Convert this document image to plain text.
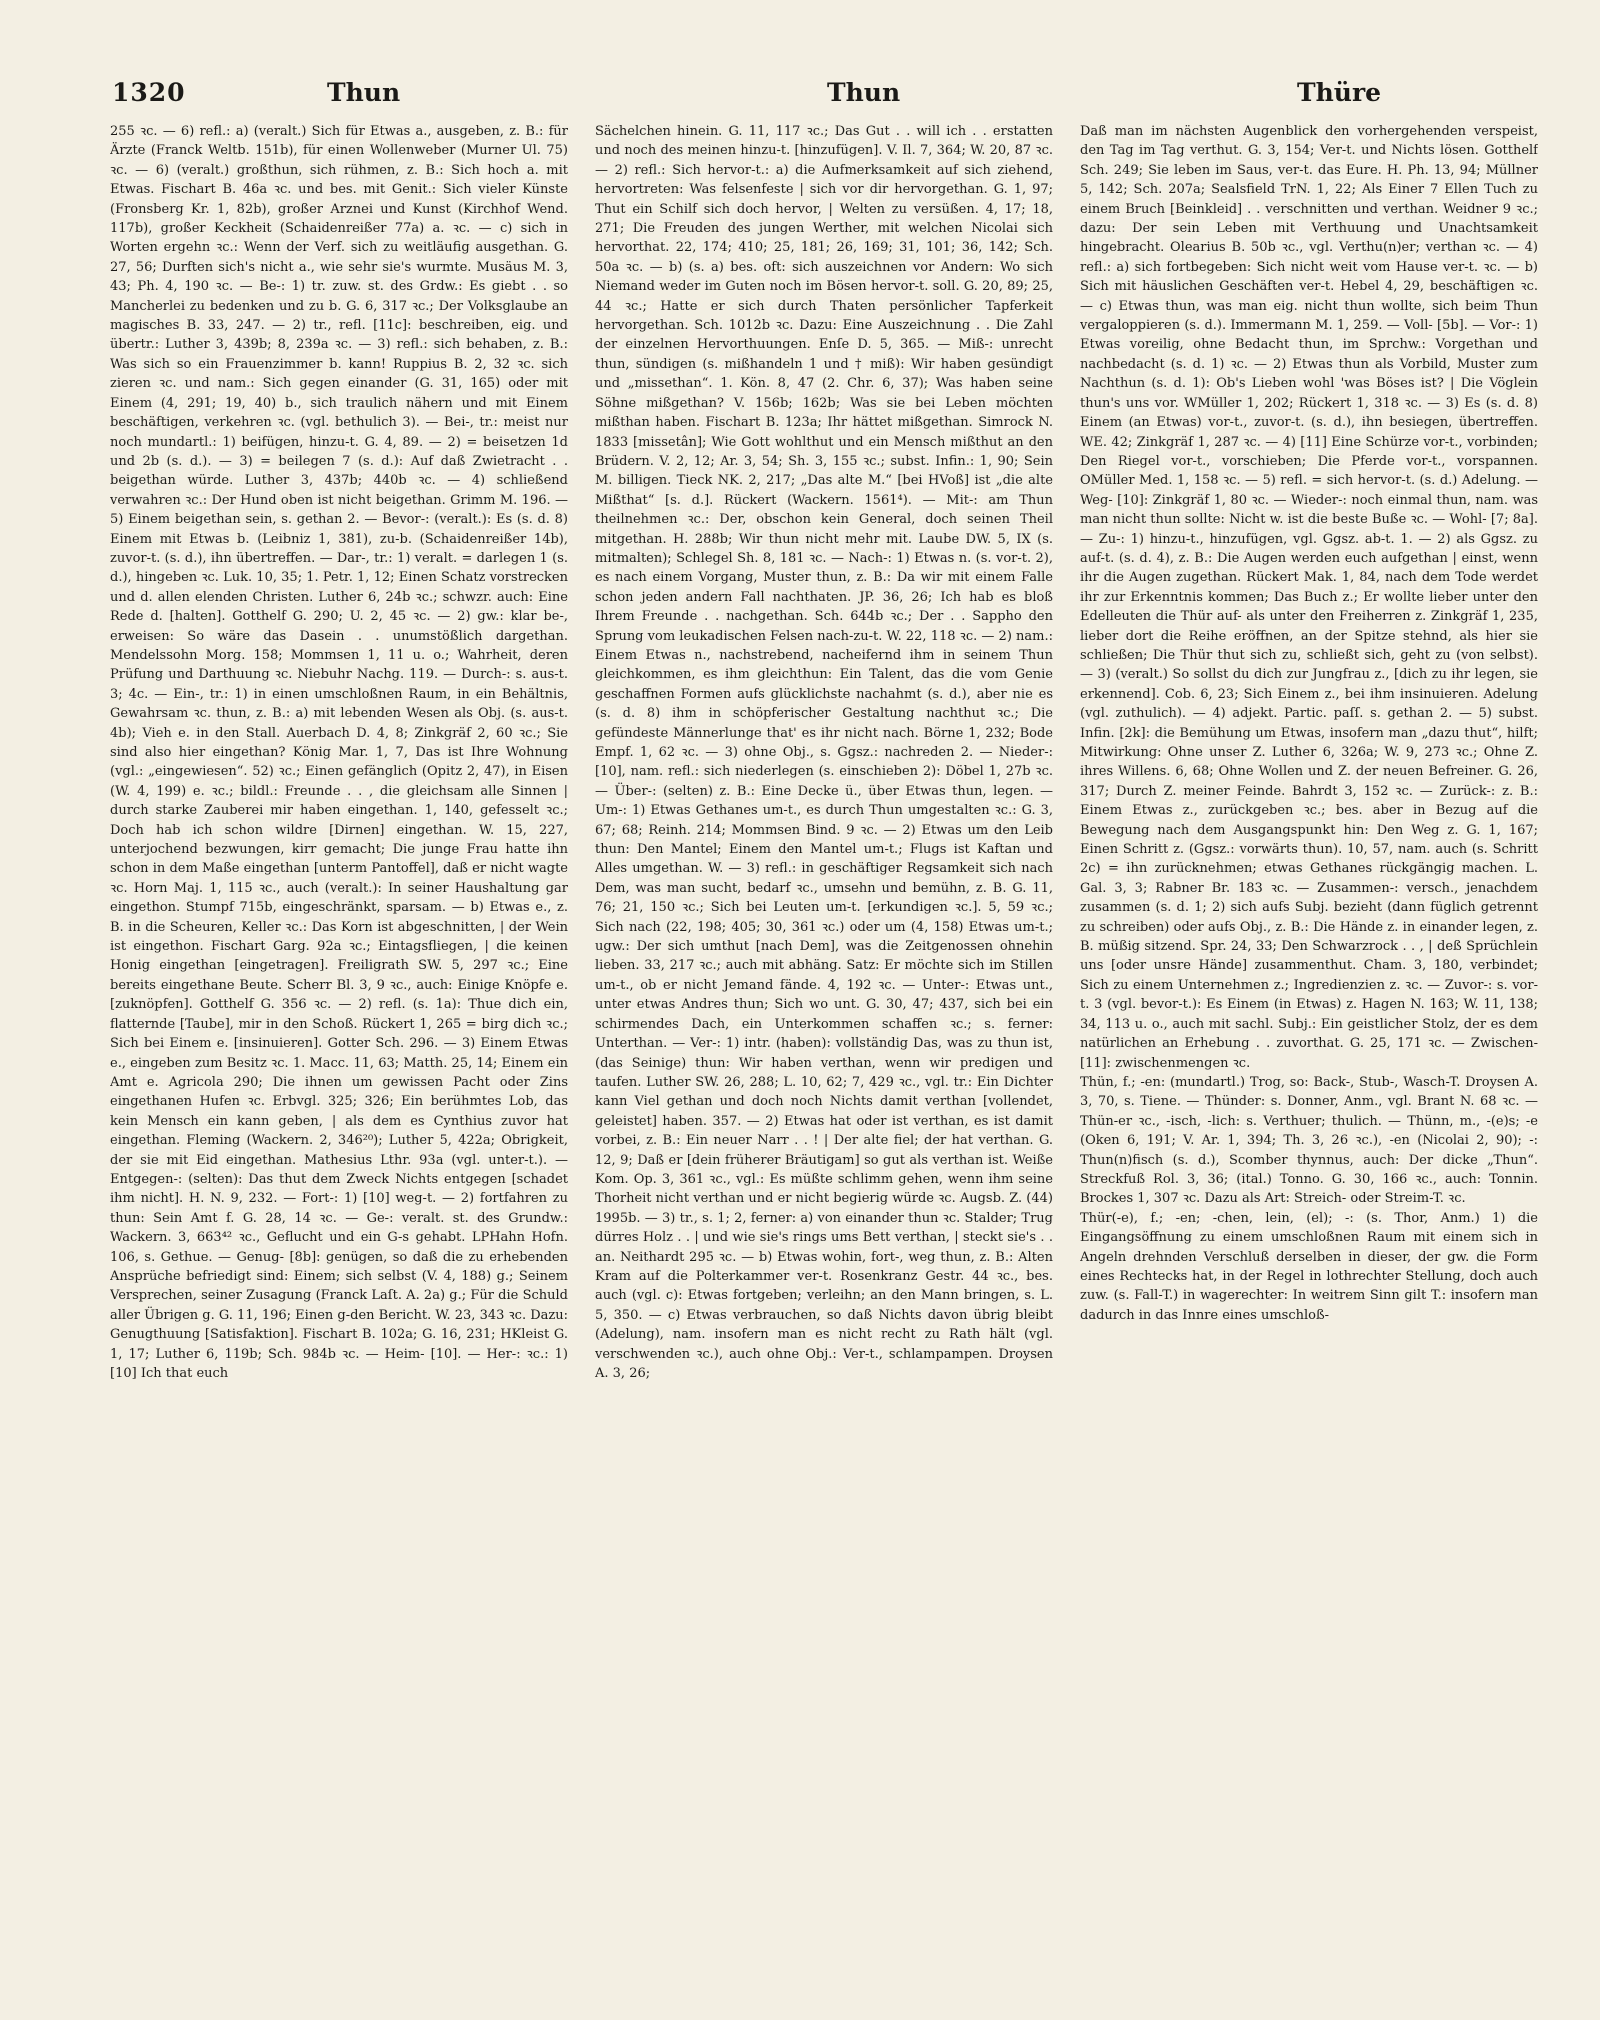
1320	Thun	Thun	Thüre

255 ꝛc. — 6) refl.: a) (veralt.) Sich für Etwas a., ausgeben, z. B.: für Ärzte (Franck Weltb. 151b), für einen Wollenweber (Murner Ul. 75) ꝛc. — 6) (veralt.) großthun, sich rühmen, z. B.: Sich hoch a. mit Etwas. Fischart B. 46a ꝛc. und bes. mit Genit.: Sich vieler Künste (Fronsberg Kr. 1, 82b), großer Arznei und Kunst (Kirchhof Wend. 117b), großer Keckheit (Schaidenreißer 77a) a. ꝛc. — c) sich in Worten ergehn ꝛc.: Wenn der Verf. sich zu weitläufig ausgethan. G. 27, 56; Durften sich's nicht a., wie sehr sie's wurmte. Musäus M. 3, 43; Ph. 4, 190 ꝛc. — Be-: 1) tr. zuw. st. des Grdw.: Es giebt . . so Mancherlei zu bedenken und zu b. G. 6, 317 ꝛc.; Der Volksglaube an magisches B. 33, 247. — 2) tr., refl. [11c]: beschreiben, eig. und übertr.: Luther 3, 439b; 8, 239a ꝛc. — 3) refl.: sich behaben, z. B.: Was sich so ein Frauenzimmer b. kann! Ruppius B. 2, 32 ꝛc. sich zieren ꝛc. und nam.: Sich gegen einander (G. 31, 165) oder mit Einem (4, 291; 19, 40) b., sich traulich nähern und mit Einem beschäftigen, verkehren ꝛc. (vgl. bethulich 3). — Bei-, tr.: meist nur noch mundartl.: 1) beifügen, hinzu-t. G. 4, 89. — 2) = beisetzen 1d und 2b (s. d.). — 3) = beilegen 7 (s. d.): Auf daß Zwietracht . . beigethan würde. Luther 3, 437b; 440b ꝛc. — 4) schließend verwahren ꝛc.: Der Hund oben ist nicht beigethan. Grimm M. 196. — 5) Einem beigethan sein, s. gethan 2. — Bevor-: (veralt.): Es (s. d. 8) Einem mit Etwas b. (Leibniz 1, 381), zu-b. (Schaidenreißer 14b), zuvor-t. (s. d.), ihn übertreffen. — Dar-, tr.: 1) veralt. = darlegen 1 (s. d.), hingeben ꝛc. Luk. 10, 35; 1. Petr. 1, 12; Einen Schatz vorstrecken und d. allen elenden Christen. Luther 6, 24b ꝛc.; schwzr. auch: Eine Rede d. [halten]. Gotthelf G. 290; U. 2, 45 ꝛc. — 2) gw.: klar be-, erweisen: So wäre das Dasein . . unumstößlich dargethan. Mendelssohn Morg. 158; Mommsen 1, 11 u. o.; Wahrheit, deren Prüfung und Darthuung ꝛc. Niebuhr Nachg. 119. — Durch-: s. aus-t. 3; 4c. — Ein-, tr.: 1) in einen umschloßnen Raum, in ein Behältnis, Gewahrsam ꝛc. thun, z. B.: a) mit lebenden Wesen als Obj. (s. aus-t. 4b); Vieh e. in den Stall. Auerbach D. 4, 8; Zinkgräf 2, 60 ꝛc.; Sie sind also hier eingethan? König Mar. 1, 7, Das ist Ihre Wohnung (vgl.: „eingewiesen“. 52) ꝛc.; Einen gefänglich (Opitz 2, 47), in Eisen (W. 4, 199) e. ꝛc.; bildl.: Freunde . . , die gleichsam alle Sinnen | durch starke Zauberei mir haben eingethan. 1, 140, gefesselt ꝛc.; Doch hab ich schon wildre [Dirnen] eingethan. W. 15, 227, unterjochend bezwungen, kirr gemacht; Die junge Frau hatte ihn schon in dem Maße eingethan [unterm Pantoffel], daß er nicht wagte ꝛc. Horn Maj. 1, 115 ꝛc., auch (veralt.): In seiner Haushaltung gar eingethon. Stumpf 715b, eingeschränkt, sparsam. — b) Etwas e., z. B. in die Scheuren, Keller ꝛc.: Das Korn ist abgeschnitten, | der Wein ist eingethon. Fischart Garg. 92a ꝛc.; Eintagsfliegen, | die keinen Honig eingethan [eingetragen]. Freiligrath SW. 5, 297 ꝛc.; Eine bereits eingethane Beute. Scherr Bl. 3, 9 ꝛc., auch: Einige Knöpfe e. [zuknöpfen]. Gotthelf G. 356 ꝛc. — 2) refl. (s. 1a): Thue dich ein, flatternde [Taube], mir in den Schoß. Rückert 1, 265 = birg dich ꝛc.; Sich bei Einem e. [insinuieren]. Gotter Sch. 296. — 3) Einem Etwas e., eingeben zum Besitz ꝛc. 1. Macc. 11, 63; Matth. 25, 14; Einem ein Amt e. Agricola 290; Die ihnen um gewissen Pacht oder Zins eingethanen Hufen ꝛc. Erbvgl. 325; 326; Ein berühmtes Lob, das kein Mensch ein kann geben, | als dem es Cynthius zuvor hat eingethan. Fleming (Wackern. 2, 346²⁰); Luther 5, 422a; Obrigkeit, der sie mit Eid eingethan. Mathesius Lthr. 93a (vgl. unter-t.). — Entgegen-: (selten): Das thut dem Zweck Nichts entgegen [schadet ihm nicht]. H. N. 9, 232. — Fort-: 1) [10] weg-t. — 2) fortfahren zu thun: Sein Amt f. G. 28, 14 ꝛc. — Ge-: veralt. st. des Grundw.: Wackern. 3, 663⁴² ꝛc., Geflucht und ein G-s gehabt. LPHahn Hofn. 106, s. Gethue. — Genug- [8b]: genügen, so daß die zu erhebenden Ansprüche befriedigt sind: Einem; sich selbst (V. 4, 188) g.; Seinem Versprechen, seiner Zusagung (Franck Laſt. A. 2a) g.; Für die Schuld aller Übrigen g. G. 11, 196; Einen g-den Bericht. W. 23, 343 ꝛc. Dazu: Genugthuung [Satisfaktion]. Fischart B. 102a; G. 16, 231; HKleist G. 1, 17; Luther 6, 119b; Sch. 984b ꝛc. — Heim- [10]. — Her-: ꝛc.: 1) [10] Ich that euch

Sächelchen hinein. G. 11, 117 ꝛc.; Das Gut . . will ich . . erstatten und noch des meinen hinzu-t. [hinzufügen]. V. Il. 7, 364; W. 20, 87 ꝛc. — 2) refl.: Sich hervor-t.: a) die Aufmerksamkeit auf sich ziehend, hervortreten: Was felsenfeste | sich vor dir hervorgethan. G. 1, 97; Thut ein Schilf sich doch hervor, | Welten zu versüßen. 4, 17; 18, 271; Die Freuden des jungen Werther, mit welchen Nicolai sich hervorthat. 22, 174; 410; 25, 181; 26, 169; 31, 101; 36, 142; Sch. 50a ꝛc. — b) (s. a) bes. oft: sich auszeichnen vor Andern: Wo sich Niemand weder im Guten noch im Bösen hervor-t. soll. G. 20, 89; 25, 44 ꝛc.; Hatte er sich durch Thaten persönlicher Tapferkeit hervorgethan. Sch. 1012b ꝛc. Dazu: Eine Auszeichnung . . Die Zahl der einzelnen Hervorthuungen. Enſe D. 5, 365. — Miß-: unrecht thun, sündigen (s. mißhandeln 1 und † miß): Wir haben gesündigt und „missethan“. 1. Kön. 8, 47 (2. Chr. 6, 37); Was haben seine Söhne mißgethan? V. 156b; 162b; Was sie bei Leben möchten mißthan haben. Fischart B. 123a; Ihr hättet mißgethan. Simrock N. 1833 [missetân]; Wie Gott wohlthut und ein Mensch mißthut an den Brüdern. V. 2, 12; Ar. 3, 54; Sh. 3, 155 ꝛc.; subst. Infin.: 1, 90; Sein M. billigen. Tieck NK. 2, 217; „Das alte M.“ [bei HVoß] ist „die alte Mißthat“ [s. d.]. Rückert (Wackern. 1561⁴). — Mit-: am Thun theilnehmen ꝛc.: Der, obschon kein General, doch seinen Theil mitgethan. H. 288b; Wir thun nicht mehr mit. Laube DW. 5, IX (s. mitmalten); Schlegel Sh. 8, 181 ꝛc. — Nach-: 1) Etwas n. (s. vor-t. 2), es nach einem Vorgang, Muster thun, z. B.: Da wir mit einem Falle schon jeden andern Fall nachthaten. JP. 36, 26; Ich hab es bloß Ihrem Freunde . . nachgethan. Sch. 644b ꝛc.; Der . . Sappho den Sprung vom leukadischen Felsen nach-zu-t. W. 22, 118 ꝛc. — 2) nam.: Einem Etwas n., nachstrebend, nacheifernd ihm in seinem Thun gleichkommen, es ihm gleichthun: Ein Talent, das die vom Genie geschaffnen Formen aufs glücklichste nachahmt (s. d.), aber nie es (s. d. 8) ihm in schöpferischer Gestaltung nachthut ꝛc.; Die gefündeste Männerlunge that' es ihr nicht nach. Börne 1, 232; Bode Empf. 1, 62 ꝛc. — 3) ohne Obj., s. Ggsz.: nachreden 2. — Nieder-: [10], nam. refl.: sich niederlegen (s. einschieben 2): Döbel 1, 27b ꝛc. — Über-: (selten) z. B.: Eine Decke ü., über Etwas thun, legen. — Um-: 1) Etwas Gethanes um-t., es durch Thun umgestalten ꝛc.: G. 3, 67; 68; Reinh. 214; Mommsen Bind. 9 ꝛc. — 2) Etwas um den Leib thun: Den Mantel; Einem den Mantel um-t.; Flugs ist Kaftan und Alles umgethan. W. — 3) refl.: in geschäftiger Regsamkeit sich nach Dem, was man sucht, bedarf ꝛc., umsehn und bemühn, z. B. G. 11, 76; 21, 150 ꝛc.; Sich bei Leuten um-t. [erkundigen ꝛc.]. 5, 59 ꝛc.; Sich nach (22, 198; 405; 30, 361 ꝛc.) oder um (4, 158) Etwas um-t.; ugw.: Der sich umthut [nach Dem], was die Zeitgenossen ohnehin lieben. 33, 217 ꝛc.; auch mit abhäng. Satz: Er möchte sich im Stillen um-t., ob er nicht Jemand fände. 4, 192 ꝛc. — Unter-: Etwas unt., unter etwas Andres thun; Sich wo unt. G. 30, 47; 437, sich bei ein schirmendes Dach, ein Unterkommen schaffen ꝛc.; s. ferner: Unterthan. — Ver-: 1) intr. (haben): vollständig Das, was zu thun ist, (das Seinige) thun: Wir haben verthan, wenn wir predigen und taufen. Luther SW. 26, 288; L. 10, 62; 7, 429 ꝛc., vgl. tr.: Ein Dichter kann Viel gethan und doch noch Nichts damit verthan [vollendet, geleistet] haben. 357. — 2) Etwas hat oder ist verthan, es ist damit vorbei, z. B.: Ein neuer Narr . . ! | Der alte fiel; der hat verthan. G. 12, 9; Daß er [dein früherer Bräutigam] so gut als verthan ist. Weiße Kom. Op. 3, 361 ꝛc., vgl.: Es müßte schlimm gehen, wenn ihm seine Thorheit nicht verthan und er nicht begierig würde ꝛc. Augsb. Z. (44) 1995b. — 3) tr., s. 1; 2, ferner: a) von einander thun ꝛc. Stalder; Trug dürres Holz . . | und wie sie's rings ums Bett verthan, | steckt sie's . . an. Neithardt 295 ꝛc. — b) Etwas wohin, fort-, weg thun, z. B.: Alten Kram auf die Polterkammer ver-t. Rosenkranz Gestr. 44 ꝛc., bes. auch (vgl. c): Etwas fortgeben; verleihn; an den Mann bringen, s. L. 5, 350. — c) Etwas verbrauchen, so daß Nichts davon übrig bleibt (Adelung), nam. insofern man es nicht recht zu Rath hält (vgl. verschwenden ꝛc.), auch ohne Obj.: Ver-t., schlampampen. Droysen A. 3, 26;

Daß man im nächsten Augenblick den vorhergehenden verspeist, den Tag im Tag verthut. G. 3, 154; Ver-t. und Nichts lösen. Gotthelf Sch. 249; Sie leben im Saus, ver-t. das Eure. H. Ph. 13, 94; Müllner 5, 142; Sch. 207a; Sealsfield TrN. 1, 22; Als Einer 7 Ellen Tuch zu einem Bruch [Beinkleid] . . verschnitten und verthan. Weidner 9 ꝛc.; dazu: Der sein Leben mit Verthuung und Unachtsamkeit hingebracht. Olearius B. 50b ꝛc., vgl. Verthu(n)er; verthan ꝛc. — 4) refl.: a) sich fortbegeben: Sich nicht weit vom Hause ver-t. ꝛc. — b) Sich mit häuslichen Geschäften ver-t. Hebel 4, 29, beschäftigen ꝛc. — c) Etwas thun, was man eig. nicht thun wollte, sich beim Thun vergaloppieren (s. d.). Immermann M. 1, 259. — Voll- [5b]. — Vor-: 1) Etwas voreilig, ohne Bedacht thun, im Sprchw.: Vorgethan und nachbedacht (s. d. 1) ꝛc. — 2) Etwas thun als Vorbild, Muster zum Nachthun (s. d. 1): Ob's Lieben wohl 'was Böses ist? | Die Vöglein thun's uns vor. WMüller 1, 202; Rückert 1, 318 ꝛc. — 3) Es (s. d. 8) Einem (an Etwas) vor-t., zuvor-t. (s. d.), ihn besiegen, übertreffen. WE. 42; Zinkgräf 1, 287 ꝛc. — 4) [11] Eine Schürze vor-t., vorbinden; Den Riegel vor-t., vorschieben; Die Pferde vor-t., vorspannen. OMüller Med. 1, 158 ꝛc. — 5) refl. = sich hervor-t. (s. d.) Adelung. — Weg- [10]: Zinkgräf 1, 80 ꝛc. — Wieder-: noch einmal thun, nam. was man nicht thun sollte: Nicht w. ist die beste Buße ꝛc. — Wohl- [7; 8a]. — Zu-: 1) hinzu-t., hinzufügen, vgl. Ggsz. ab-t. 1. — 2) als Ggsz. zu auf-t. (s. d. 4), z. B.: Die Augen werden euch aufgethan | einst, wenn ihr die Augen zugethan. Rückert Mak. 1, 84, nach dem Tode werdet ihr zur Erkenntnis kommen; Das Buch z.; Er wollte lieber unter den Edelleuten die Thür auf- als unter den Freiherren z. Zinkgräf 1, 235, lieber dort die Reihe eröffnen, an der Spitze stehnd, als hier sie schließen; Die Thür thut sich zu, schließt sich, geht zu (von selbst). — 3) (veralt.) So sollst du dich zur Jungfrau z., [dich zu ihr legen, sie erkennend]. Cob. 6, 23; Sich Einem z., bei ihm insinuieren. Adelung (vgl. zuthulich). — 4) adjekt. Partic. paſſ. s. gethan 2. — 5) subst. Infin. [2k]: die Bemühung um Etwas, insofern man „dazu thut“, hilft; Mitwirkung: Ohne unser Z. Luther 6, 326a; W. 9, 273 ꝛc.; Ohne Z. ihres Willens. 6, 68; Ohne Wollen und Z. der neuen Befreiner. G. 26, 317; Durch Z. meiner Feinde. Bahrdt 3, 152 ꝛc. — Zurück-: z. B.: Einem Etwas z., zurückgeben ꝛc.; bes. aber in Bezug auf die Bewegung nach dem Ausgangspunkt hin: Den Weg z. G. 1, 167; Einen Schritt z. (Ggsz.: vorwärts thun). 10, 57, nam. auch (s. Schritt 2c) = ihn zurücknehmen; etwas Gethanes rückgängig machen. L. Gal. 3, 3; Rabner Br. 183 ꝛc. — Zusammen-: versch., jenachdem zusammen (s. d. 1; 2) sich aufs Subj. bezieht (dann füglich getrennt zu schreiben) oder aufs Obj., z. B.: Die Hände z. in einander legen, z. B. müßig sitzend. Spr. 24, 33; Den Schwarzrock . . , | deß Sprüchlein uns [oder unsre Hände] zusammenthut. Cham. 3, 180, verbindet; Sich zu einem Unternehmen z.; Ingredienzien z. ꝛc. — Zuvor-: s. vor-t. 3 (vgl. bevor-t.): Es Einem (in Etwas) z. Hagen N. 163; W. 11, 138; 34, 113 u. o., auch mit sachl. Subj.: Ein geistlicher Stolz, der es dem natürlichen an Erhebung . . zuvorthat. G. 25, 171 ꝛc. — Zwischen- [11]: zwischenmengen ꝛc.

Thün, f.; -en: (mundartl.) Trog, so: Back-, Stub-, Wasch-T. Droysen A. 3, 70, s. Tiene. — Thünder: s. Donner, Anm., vgl. Brant N. 68 ꝛc. — Thün-er ꝛc., -isch, -lich: s. Verthuer; thulich. — Thünn, m., -(e)s; -e (Oken 6, 191; V. Ar. 1, 394; Th. 3, 26 ꝛc.), -en (Nicolai 2, 90); -: Thun(n)fisch (s. d.), Scomber thynnus, auch: Der dicke „Thun“. Streckfuß Rol. 3, 36; (ital.) Tonno. G. 30, 166 ꝛc., auch: Tonnin. Brockes 1, 307 ꝛc. Dazu als Art: Streich- oder Streim-T. ꝛc.

Thür(-e), f.; -en; -chen, lein, (el); -: (s. Thor, Anm.) 1) die Eingangsöffnung zu einem umschloßnen Raum mit einem sich in Angeln drehnden Verschluß derselben in dieser, der gw. die Form eines Rechtecks hat, in der Regel in lothrechter Stellung, doch auch zuw. (s. Fall-T.) in wagerechter: In weitrem Sinn gilt T.: insofern man dadurch in das Innre eines umschloß-
